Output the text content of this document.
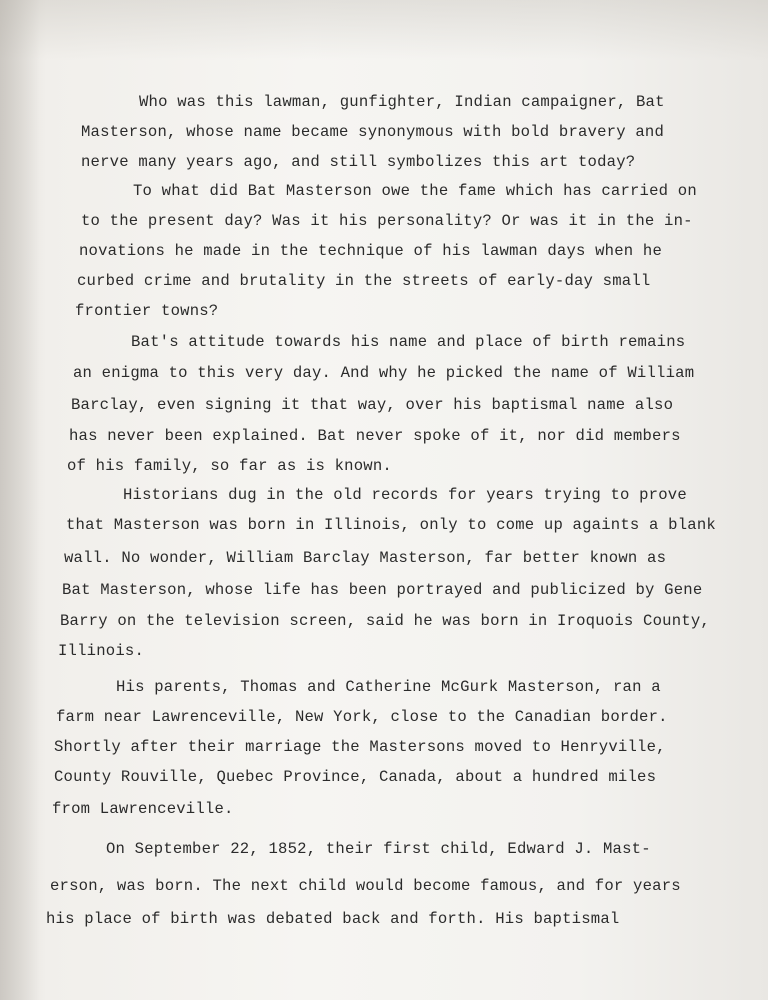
Who was this lawman, gunfighter, Indian campaigner, Bat
Masterson, whose name became synonymous with bold bravery and
nerve many years ago, and still symbolizes this art today?
To what did Bat Masterson owe the fame which has carried on
to the present day? Was it his personality? Or was it in the in-
novations he made in the technique of his lawman days when he
curbed crime and brutality in the streets of early-day small
frontier towns?
Bat's attitude towards his name and place of birth remains
an enigma to this very day. And why he picked the name of William
Barclay, even signing it that way, over his baptismal name also
has never been explained. Bat never spoke of it, nor did members
of his family, so far as is known.
Historians dug in the old records for years trying to prove
that Masterson was born in Illinois, only to come up againts a blank
wall. No wonder, William Barclay Masterson, far better known as
Bat Masterson, whose life has been portrayed and publicized by Gene
Barry on the television screen, said he was born in Iroquois County,
Illinois.
His parents, Thomas and Catherine McGurk Masterson, ran a
farm near Lawrenceville, New York, close to the Canadian border.
Shortly after their marriage the Mastersons moved to Henryville,
County Rouville, Quebec Province, Canada, about a hundred miles
from Lawrenceville.
On September 22, 1852, their first child, Edward J. Mast-
erson, was born. The next child would become famous, and for years
his place of birth was debated back and forth. His baptismal
